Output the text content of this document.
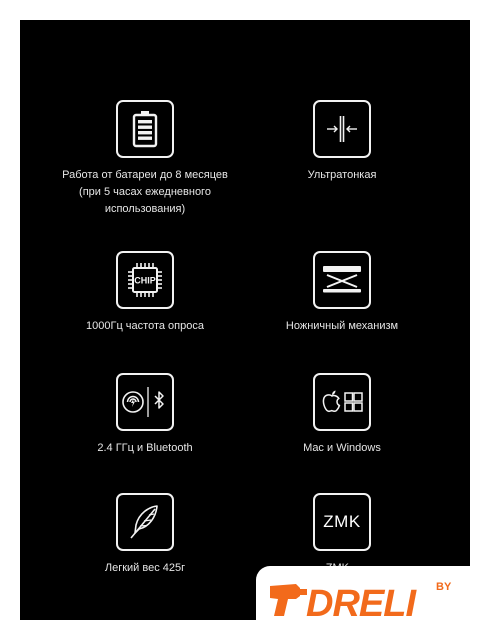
Работа от батареи до 8 месяцев
(при 5 часах ежедневного
использования)
Ультратонкая
CHIP
1000Гц частота опроса	Ножничный механизм
2.4 ГГц и Bluetooth	Mac и Windows
Легкий вес 425г
ZMK
DRELI BY
